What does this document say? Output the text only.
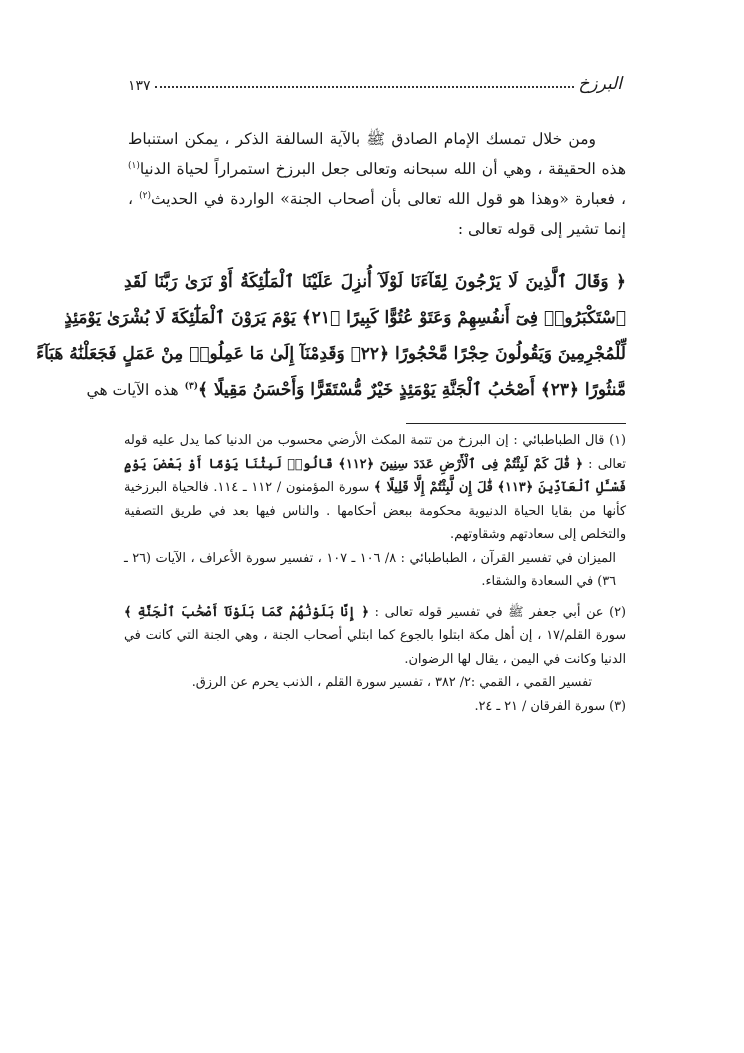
البرزخ
١٣٧

ومن خلال تمسك الإمام الصادق ﷺ بالآية السالفة الذكر ، يمكن استنباط هذه الحقيقة ، وهي أن الله سبحانه وتعالى جعل البرزخ استمراراً لحياة الدنيا$^{(١)}$ ، فعبارة «وهذا هو قول الله تعالى بأن أصحاب الجنة» الواردة في الحديث$^{(٢)}$ ، إنما تشير إلى قوله تعالى :

﴿ وَقَالَ ٱلَّذِينَ لَا يَرْجُونَ لِقَآءَنَا لَوْلَآ أُنزِلَ عَلَيْنَا ٱلْمَلَٰٓئِكَةُ أَوْ نَرَىٰ رَبَّنَا لَقَدِ
ٱسْتَكْبَرُوا۟ فِىٓ أَنفُسِهِمْ وَعَتَوْ عُتُوًّا كَبِيرًا ﴿٢١﴾ يَوْمَ يَرَوْنَ ٱلْمَلَٰٓئِكَةَ لَا بُشْرَىٰ يَوْمَئِذٍ
لِّلْمُجْرِمِينَ وَيَقُولُونَ حِجْرًا مَّحْجُورًا ﴿٢٢﴾ وَقَدِمْنَآ إِلَىٰ مَا عَمِلُوا۟ مِنْ عَمَلٍ فَجَعَلْنَٰهُ هَبَآءً
مَّنثُورًا ﴿٢٣﴾ أَصْحَٰبُ ٱلْجَنَّةِ يَوْمَئِذٍ خَيْرٌ مُّسْتَقَرًّا وَأَحْسَنُ مَقِيلًا ﴾$^{(٣)}$ هذه الآيات هي

(١) قال الطباطبائي : إن البرزخ من تتمة المكث الأرضي محسوب من الدنيا كما يدل عليه قوله تعالى : ﴿ قَٰلَ كَمْ لَبِثْتُمْ فِى ٱلْأَرْضِ عَدَدَ سِنِينَ ﴿١١٢﴾ قَالُوا۟ لَبِثْنَا يَوْمًا أَوْ بَعْضَ يَوْمٍ فَسْـَٔلِ ٱلْعَآدِّينَ ﴿١١٣﴾ قَٰلَ إِن لَّبِثْتُمْ إِلَّا قَلِيلًا ﴾ سورة المؤمنون / ١١٢ ـ ١١٤. فالحياة البرزخية كأنها من بقايا الحياة الدنيوية محكومة ببعض أحكامها . والناس فيها بعد في طريق التصفية والتخلص إلى سعادتهم وشقاوتهم.

الميزان في تفسير القرآن ، الطباطبائي : ٨/ ١٠٦ ـ ١٠٧ ، تفسير سورة الأعراف ، الآيات (٢٦ ـ ٣٦) في السعادة والشقاء.

(٢) عن أبي جعفر ﷺ في تفسير قوله تعالى : ﴿ إِنَّا بَلَوْنَٰهُمْ كَمَا بَلَوْنَآ أَصْحَٰبَ ٱلْجَنَّةِ ﴾ سورة القلم/١٧ ، إن أهل مكة ابتلوا بالجوع كما ابتلي أصحاب الجنة ، وهي الجنة التي كانت في الدنيا وكانت في اليمن ، يقال لها الرضوان.

تفسير القمي ، القمي :٢/ ٣٨٢ ، تفسير سورة القلم ، الذنب يحرم عن الرزق.

(٣) سورة الفرقان / ٢١ ـ ٢٤.
